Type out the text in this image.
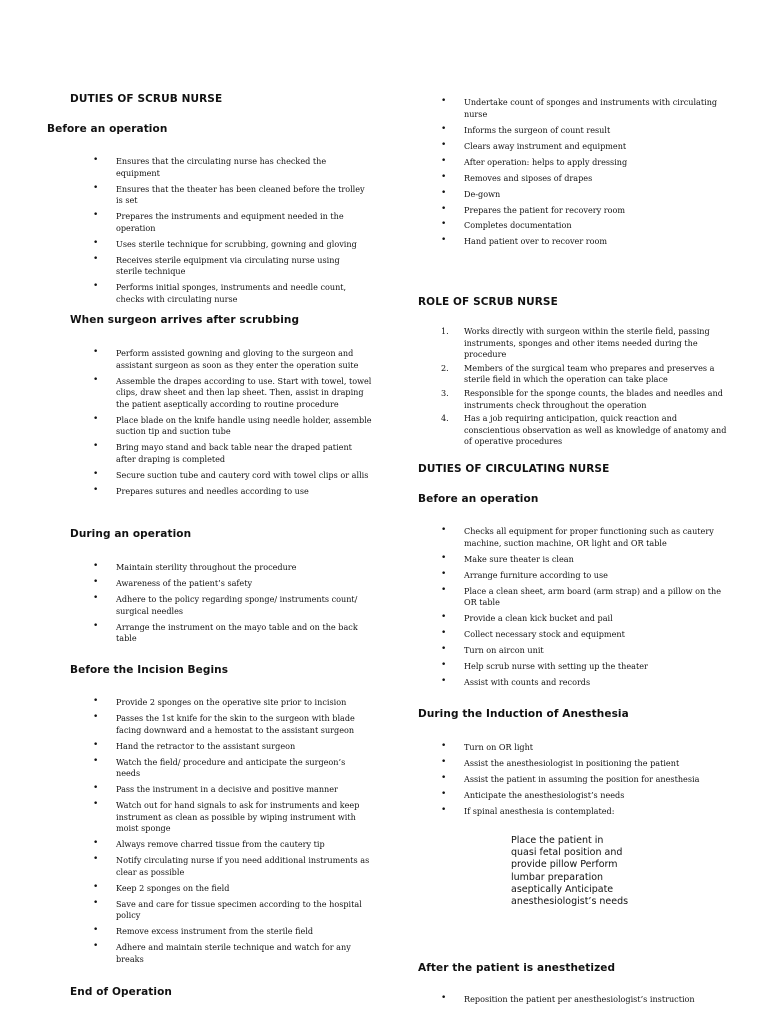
DUTIES OF SCRUB NURSE

Before an operation

• Ensures that the circulating nurse has checked the equipment
• Ensures that the theater has been cleaned before the trolley is set
• Prepares the instruments and equipment needed in the operation
• Uses sterile technique for scrubbing, gowning and gloving
• Receives sterile equipment via circulating nurse using sterile technique
• Performs initial sponges, instruments and needle count, checks with circulating nurse

When surgeon arrives after scrubbing

• Perform assisted gowning and gloving to the surgeon and assistant surgeon as soon as they enter the operation suite
• Assemble the drapes according to use. Start with towel, towel clips, draw sheet and then lap sheet. Then, assist in draping the patient aseptically according to routine procedure
• Place blade on the knife handle using needle holder, assemble suction tip and suction tube
• Bring mayo stand and back table near the draped patient after draping is completed
• Secure suction tube and cautery cord with towel clips or allis
• Prepares sutures and needles according to use

During an operation

• Maintain sterility throughout the procedure
• Awareness of the patient’s safety
• Adhere to the policy regarding sponge/ instruments count/ surgical needles
• Arrange the instrument on the mayo table and on the back table

Before the Incision Begins

• Provide 2 sponges on the operative site prior to incision
• Passes the 1st knife for the skin to the surgeon with blade facing downward and a hemostat to the assistant surgeon
• Hand the retractor to the assistant surgeon
• Watch the field/ procedure and anticipate the surgeon’s needs
• Pass the instrument in a decisive and positive manner
• Watch out for hand signals to ask for instruments and keep instrument as clean as possible by wiping instrument with moist sponge
• Always remove charred tissue from the cautery tip
• Notify circulating nurse if you need additional instruments as clear as possible
• Keep 2 sponges on the field
• Save and care for tissue specimen according to the hospital policy
• Remove excess instrument from the sterile field
• Adhere and maintain sterile technique and watch for any breaks

End of Operation

• Undertake count of sponges and instruments with circulating nurse
• Informs the surgeon of count result
• Clears away instrument and equipment
• After operation: helps to apply dressing
• Removes and siposes of drapes
• De-gown
• Prepares the patient for recovery room
• Completes documentation
• Hand patient over to recover room

ROLE OF SCRUB NURSE

1. Works directly with surgeon within the sterile field, passing instruments, sponges and other items needed during the procedure
2. Members of the surgical team who prepares and preserves a sterile field in which the operation can take place
3. Responsible for the sponge counts, the blades and needles and instruments check throughout the operation
4. Has a job requiring anticipation, quick reaction and conscientious observation as well as knowledge of anatomy and of operative procedures

DUTIES OF CIRCULATING NURSE

Before an operation

• Checks all equipment for proper functioning such as cautery machine, suction machine, OR light and OR table
• Make sure theater is clean
• Arrange furniture according to use
• Place a clean sheet, arm board (arm strap) and a pillow on the OR table
• Provide a clean kick bucket and pail
• Collect necessary stock and equipment
• Turn on aircon unit
• Help scrub nurse with setting up the theater
• Assist with counts and records

During the Induction of Anesthesia

• Turn on OR light
• Assist the anesthesiologist in positioning the patient
• Assist the patient in assuming the position for anesthesia
• Anticipate the anesthesiologist’s needs
• If spinal anesthesia is contemplated:
Place the patient in quasi fetal position and provide pillow Perform lumbar preparation aseptically Anticipate anesthesiologist’s needs

After the patient is anesthetized

• Reposition the patient per anesthesiologist’s instruction
